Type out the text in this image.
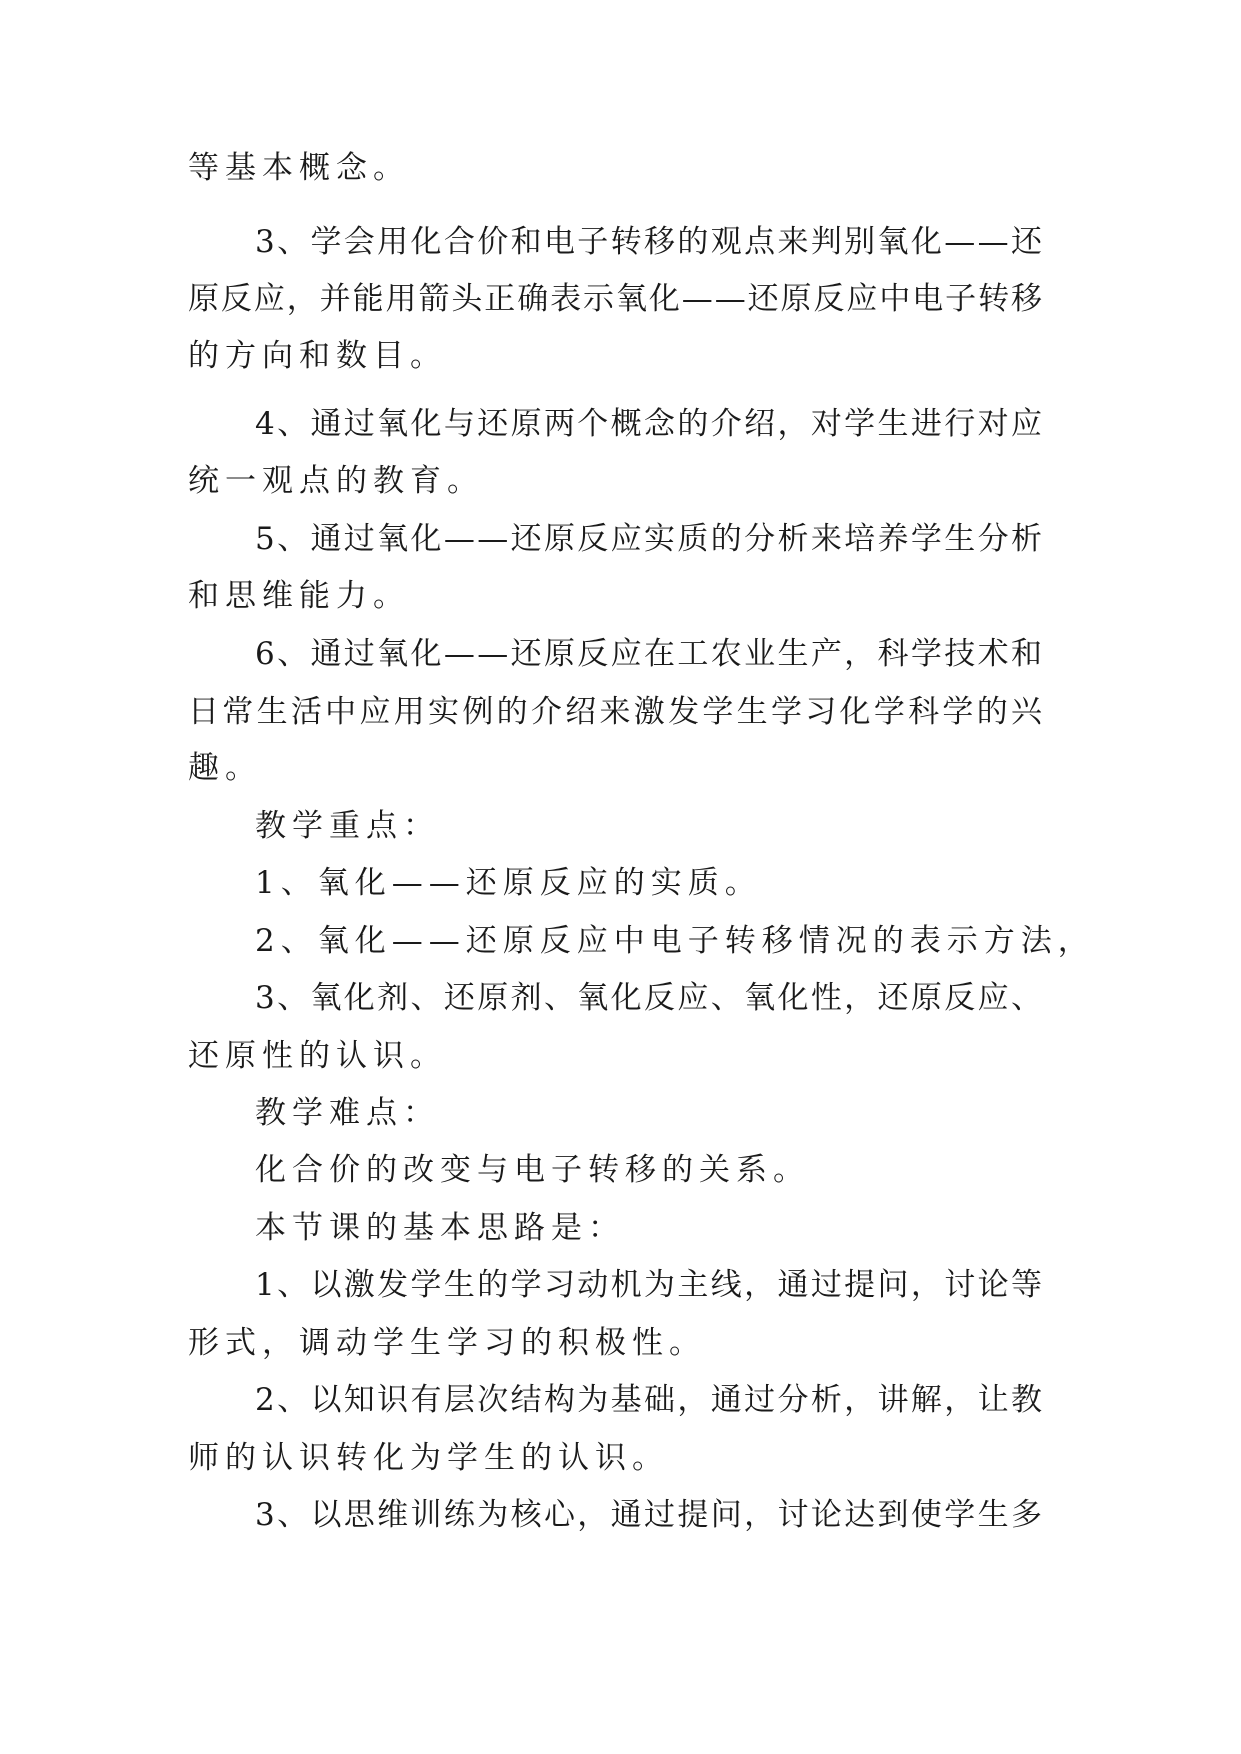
等基本概念。

3、学会用化合价和电子转移的观点来判别氧化——还

原反应，并能用箭头正确表示氧化——还原反应中电子转移

的方向和数目。

4、通过氧化与还原两个概念的介绍，对学生进行对应

统一观点的教育。

5、通过氧化——还原反应实质的分析来培养学生分析

和思维能力。

6、通过氧化——还原反应在工农业生产，科学技术和

日常生活中应用实例的介绍来激发学生学习化学科学的兴

趣。

教学重点：

1、氧化——还原反应的实质。

2、氧化——还原反应中电子转移情况的表示方法，

3、氧化剂、还原剂、氧化反应、氧化性，还原反应、

还原性的认识。

教学难点：

化合价的改变与电子转移的关系。

本节课的基本思路是：

1、以激发学生的学习动机为主线，通过提问，讨论等

形式，调动学生学习的积极性。

2、以知识有层次结构为基础，通过分析，讲解，让教

师的认识转化为学生的认识。

3、以思维训练为核心，通过提问，讨论达到使学生多
